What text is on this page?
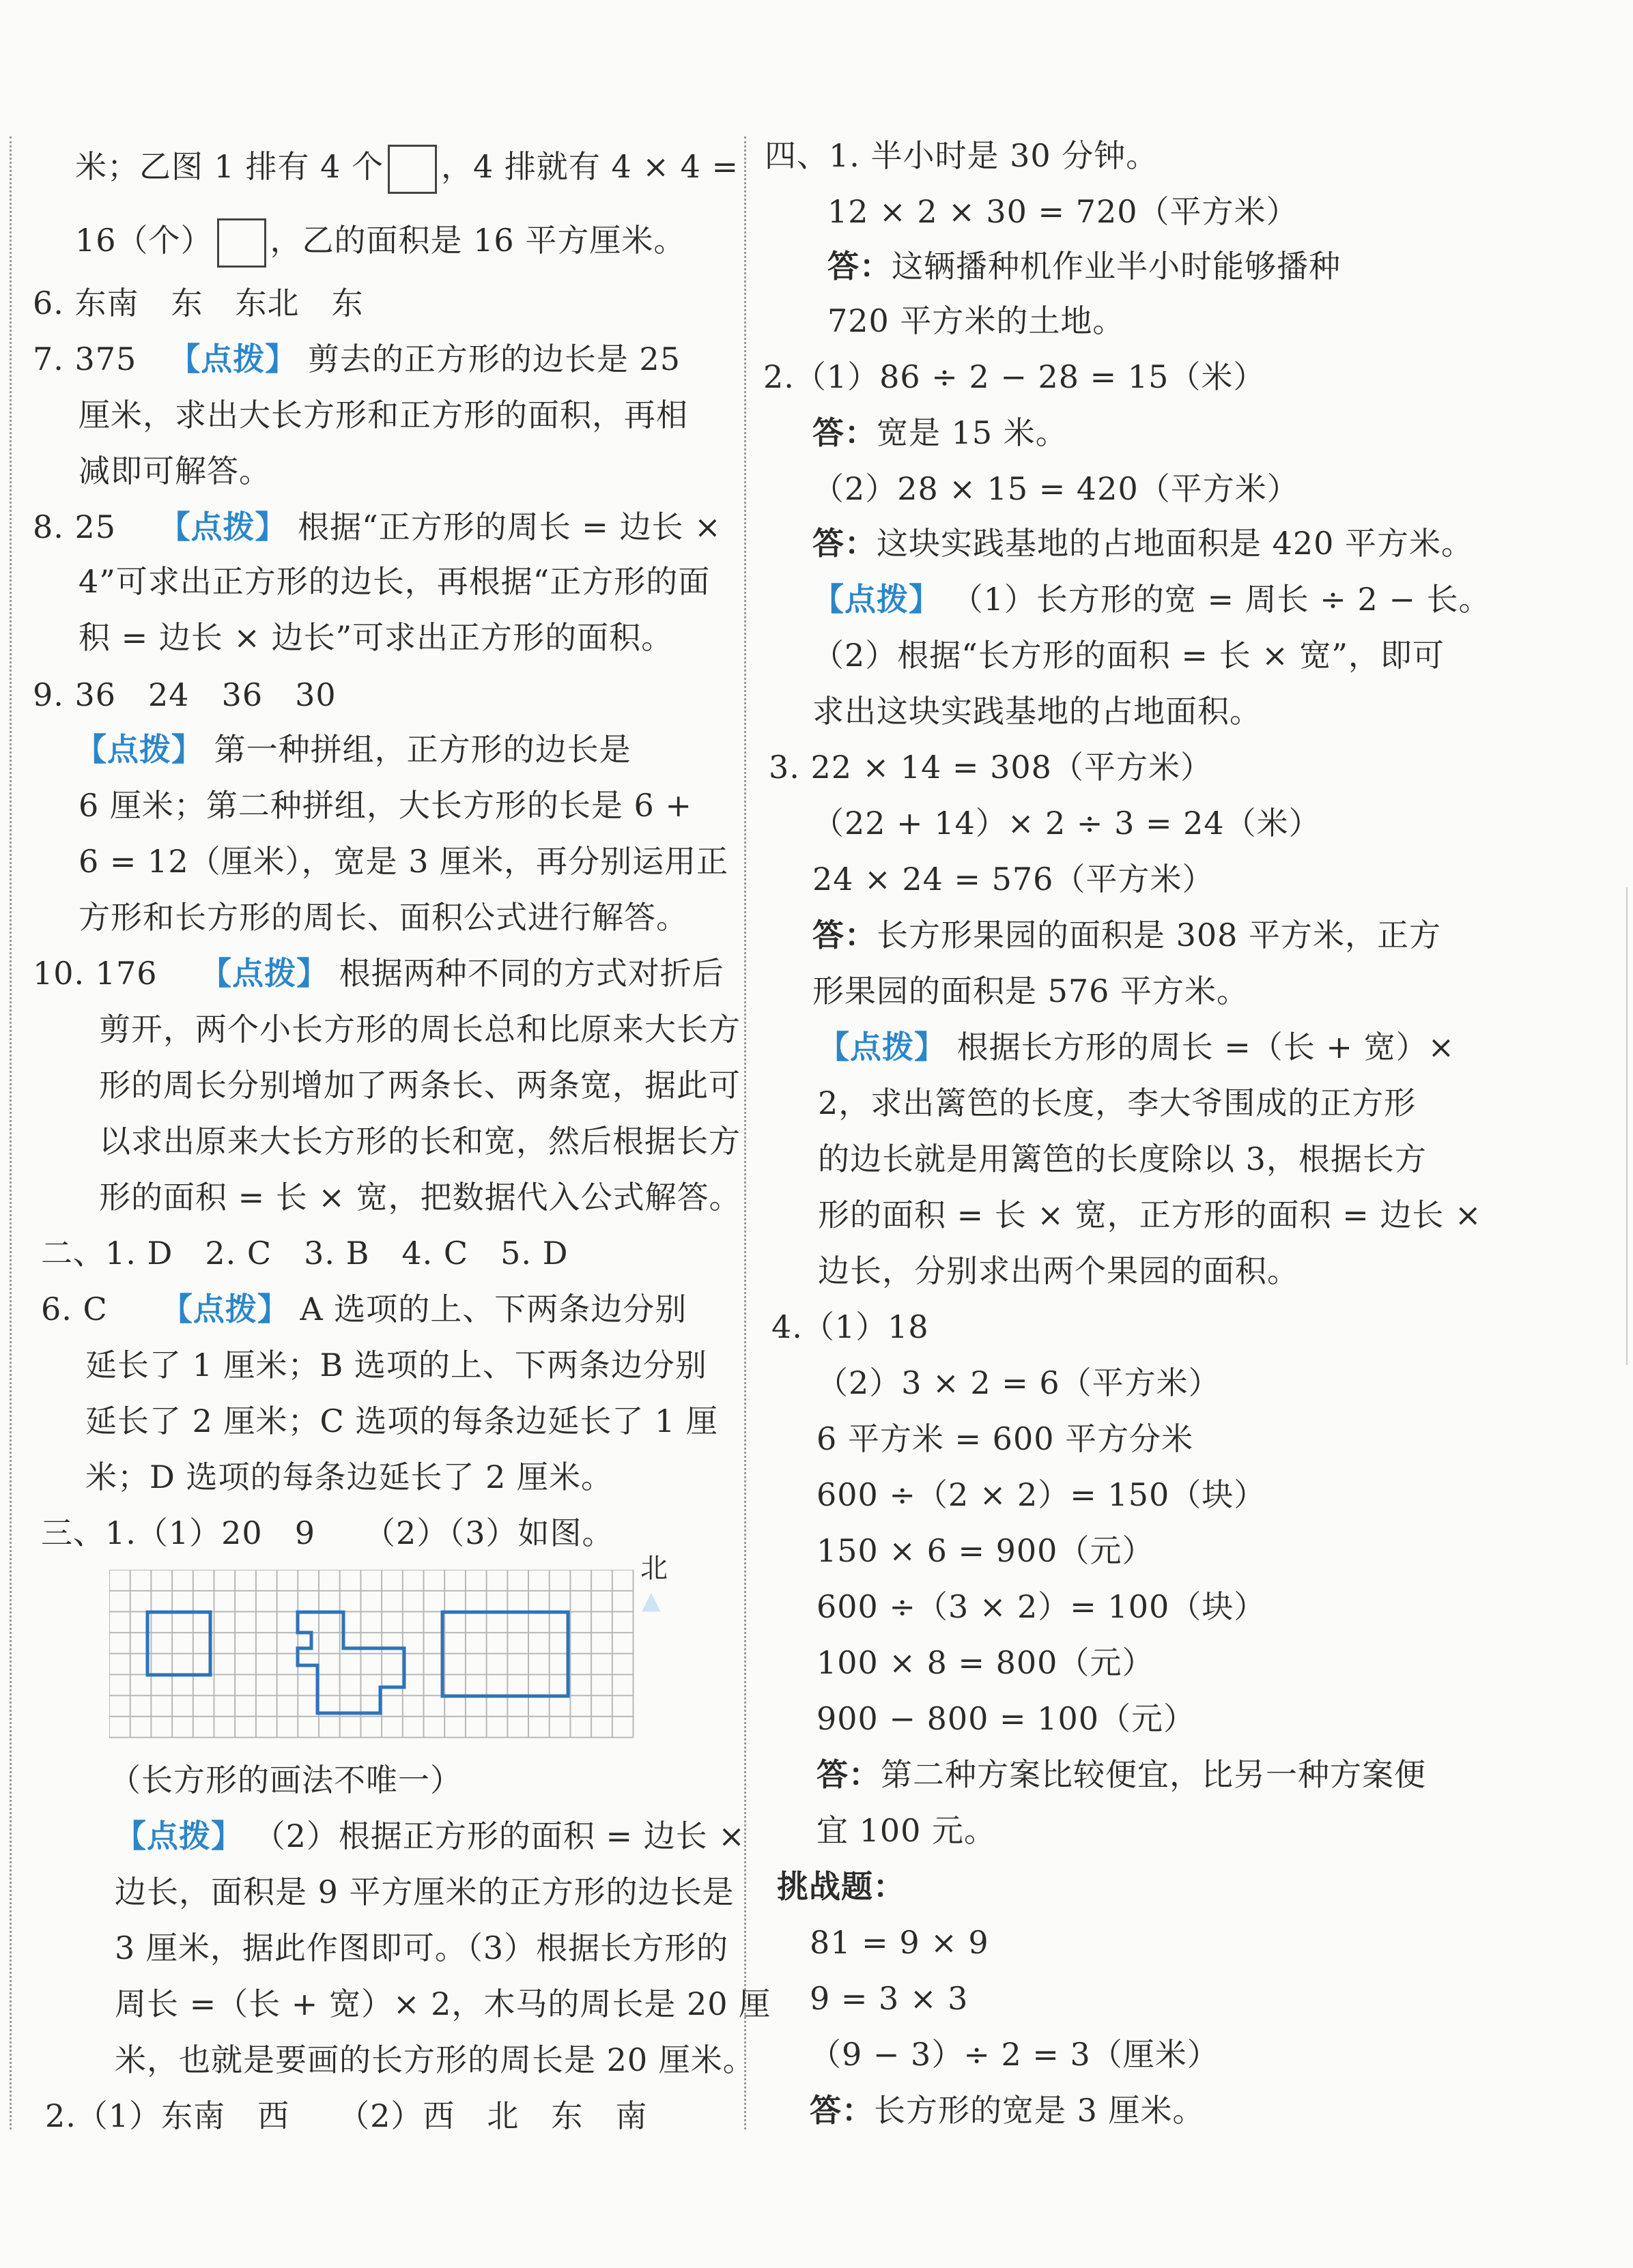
米；乙图 1 排有 4 个 ，4 排就有 4 × 4 =
16（个） ，乙的面积是 16 平方厘米。
6. 东南　东　东北　东
7. 375 【点拨】 剪去的正方形的边长是 25
厘米，求出大长方形和正方形的面积，再相
减即可解答。
8. 25 【点拨】 根据“正方形的周长 = 边长 ×
4”可求出正方形的边长，再根据“正方形的面
积 = 边长 × 边长”可求出正方形的面积。
9. 36　24　36　30
【点拨】 第一种拼组，正方形的边长是
6 厘米；第二种拼组，大长方形的长是 6 +
6 = 12（厘米），宽是 3 厘米，再分别运用正
方形和长方形的周长、面积公式进行解答。
10. 176 【点拨】 根据两种不同的方式对折后
剪开，两个小长方形的周长总和比原来大长方
形的周长分别增加了两条长、两条宽，据此可
以求出原来大长方形的长和宽，然后根据长方
形的面积 = 长 × 宽，把数据代入公式解答。
二、1. D　2. C　3. B　4. C　5. D
6. C 【点拨】 A 选项的上、下两条边分别
延长了 1 厘米；B 选项的上、下两条边分别
延长了 2 厘米；C 选项的每条边延长了 1 厘
米；D 选项的每条边延长了 2 厘米。
三、1.（1）20　9　　（2）（3）如图。
北
▲
（长方形的画法不唯一）
【点拨】 （2）根据正方形的面积 = 边长 ×
边长，面积是 9 平方厘米的正方形的边长是
3 厘米，据此作图即可。（3）根据长方形的
周长 =（长 + 宽）× 2，木马的周长是 20 厘
米，也就是要画的长方形的周长是 20 厘米。
2.（1）东南　西　　（2）西　北　东　南
四、1. 半小时是 30 分钟。
12 × 2 × 30 = 720（平方米）
答：这辆播种机作业半小时能够播种
720 平方米的土地。
2.（1）86 ÷ 2 − 28 = 15（米）
答：宽是 15 米。
（2）28 × 15 = 420（平方米）
答：这块实践基地的占地面积是 420 平方米。
【点拨】 （1）长方形的宽 = 周长 ÷ 2 − 长。
（2）根据“长方形的面积 = 长 × 宽”，即可
求出这块实践基地的占地面积。
3. 22 × 14 = 308（平方米）
（22 + 14）× 2 ÷ 3 = 24（米）
24 × 24 = 576（平方米）
答：长方形果园的面积是 308 平方米，正方
形果园的面积是 576 平方米。
【点拨】 根据长方形的周长 =（长 + 宽）×
2，求出篱笆的长度，李大爷围成的正方形
的边长就是用篱笆的长度除以 3，根据长方
形的面积 = 长 × 宽，正方形的面积 = 边长 ×
边长，分别求出两个果园的面积。
4.（1）18
（2）3 × 2 = 6（平方米）
6 平方米 = 600 平方分米
600 ÷（2 × 2）= 150（块）
150 × 6 = 900（元）
600 ÷（3 × 2）= 100（块）
100 × 8 = 800（元）
900 − 800 = 100（元）
答：第二种方案比较便宜，比另一种方案便
宜 100 元。
挑战题：
81 = 9 × 9
9 = 3 × 3
（9 − 3）÷ 2 = 3（厘米）
答：长方形的宽是 3 厘米。
